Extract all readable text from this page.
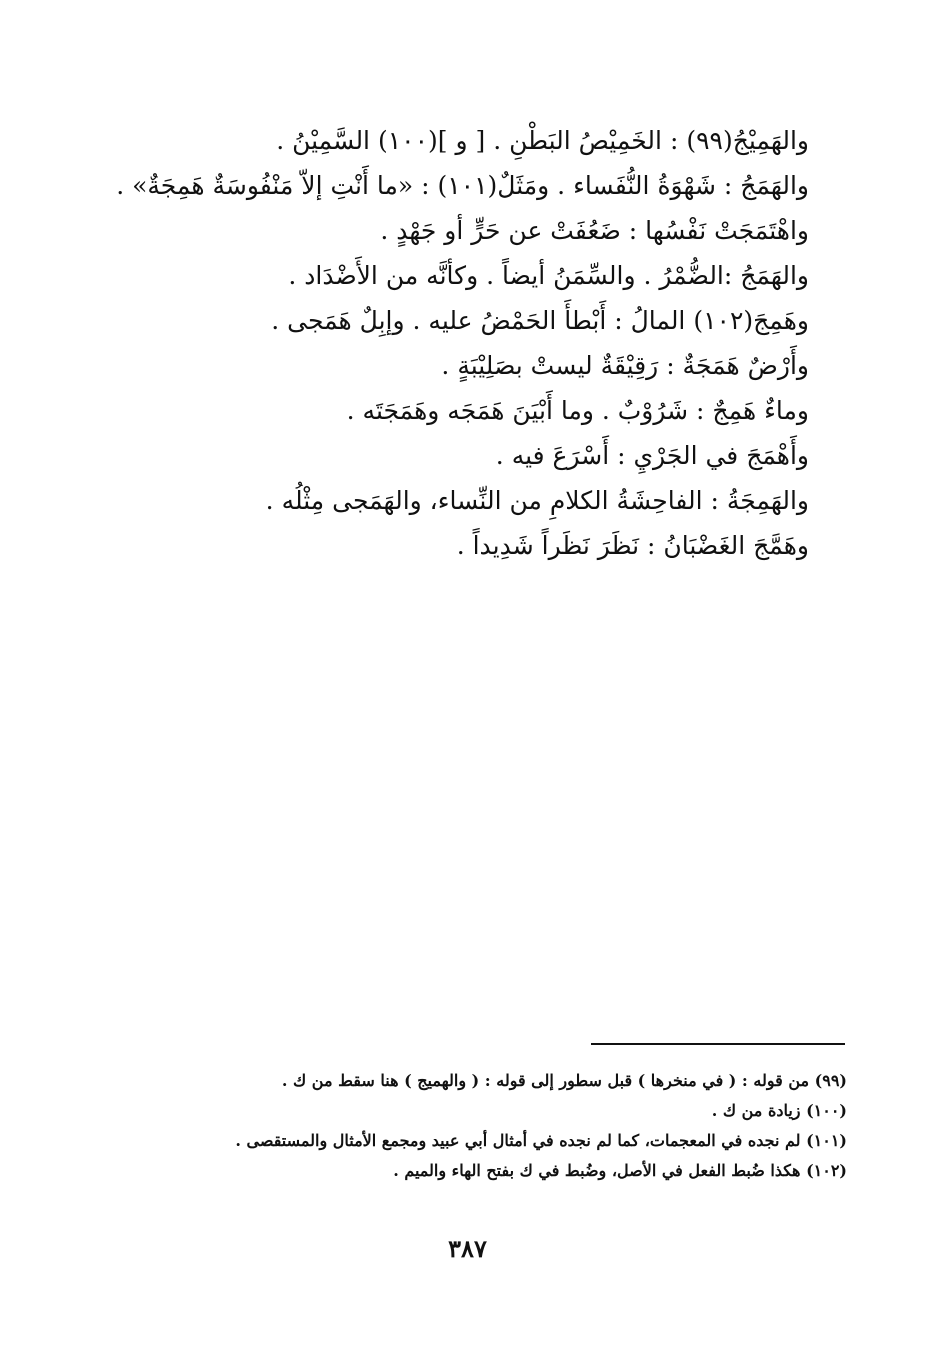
والهَمِيْجُ(٩٩) : الخَمِيْصُ البَطْنِ . [ و ](١٠٠) السَّمِيْنُ .
والهَمَجُ : شَهْوَةُ النُّفَساء . ومَثَلٌ(١٠١) : «ما أَنْتِ إلاّ مَنْفُوسَةٌ هَمِجَةٌ» .
واهْتَمَجَتْ نَفْسُها : ضَعُفَتْ عن حَرٍّ أو جَهْدٍ .
والهَمَجُ :الضُّمْرُ . والسِّمَنُ أيضاً . وكأنَّه من الأَضْدَاد .
وهَمِجَ(١٠٢) المالُ : أَبْطأَ الحَمْضُ عليه . وإبِلٌ هَمَجى .
وأَرْضٌ هَمَجَةٌ : رَقِيْقَةٌ ليستْ بصَلِيْبَةٍ .
وماءٌ هَمِجٌ : شَرُوْبٌ . وما أَبْيَنَ هَمَجَه وهَمَجَتَه .
وأَهْمَجَ في الجَرْيِ : أَسْرَعَ فيه .
والهَمِجَةُ : الفاحِشَةُ الكلامِ من النِّساء، والهَمَجى مِثْلُه .
وهَمَّجَ الغَضْبَانُ : نَظَرَ نَظَراً شَدِيداً .
(٩٩) من قوله : ( في منخرها ) قبل سطور إلى قوله : ( والهميج ) هنا سقط من ك .
(١٠٠) زيادة من ك .
(١٠١) لم نجده في المعجمات، كما لم نجده في أمثال أبي عبيد ومجمع الأمثال والمستقصى .
(١٠٢) هكذا ضُبط الفعل في الأصل، وضُبط في ك بفتح الهاء والميم .
٣٨٧
